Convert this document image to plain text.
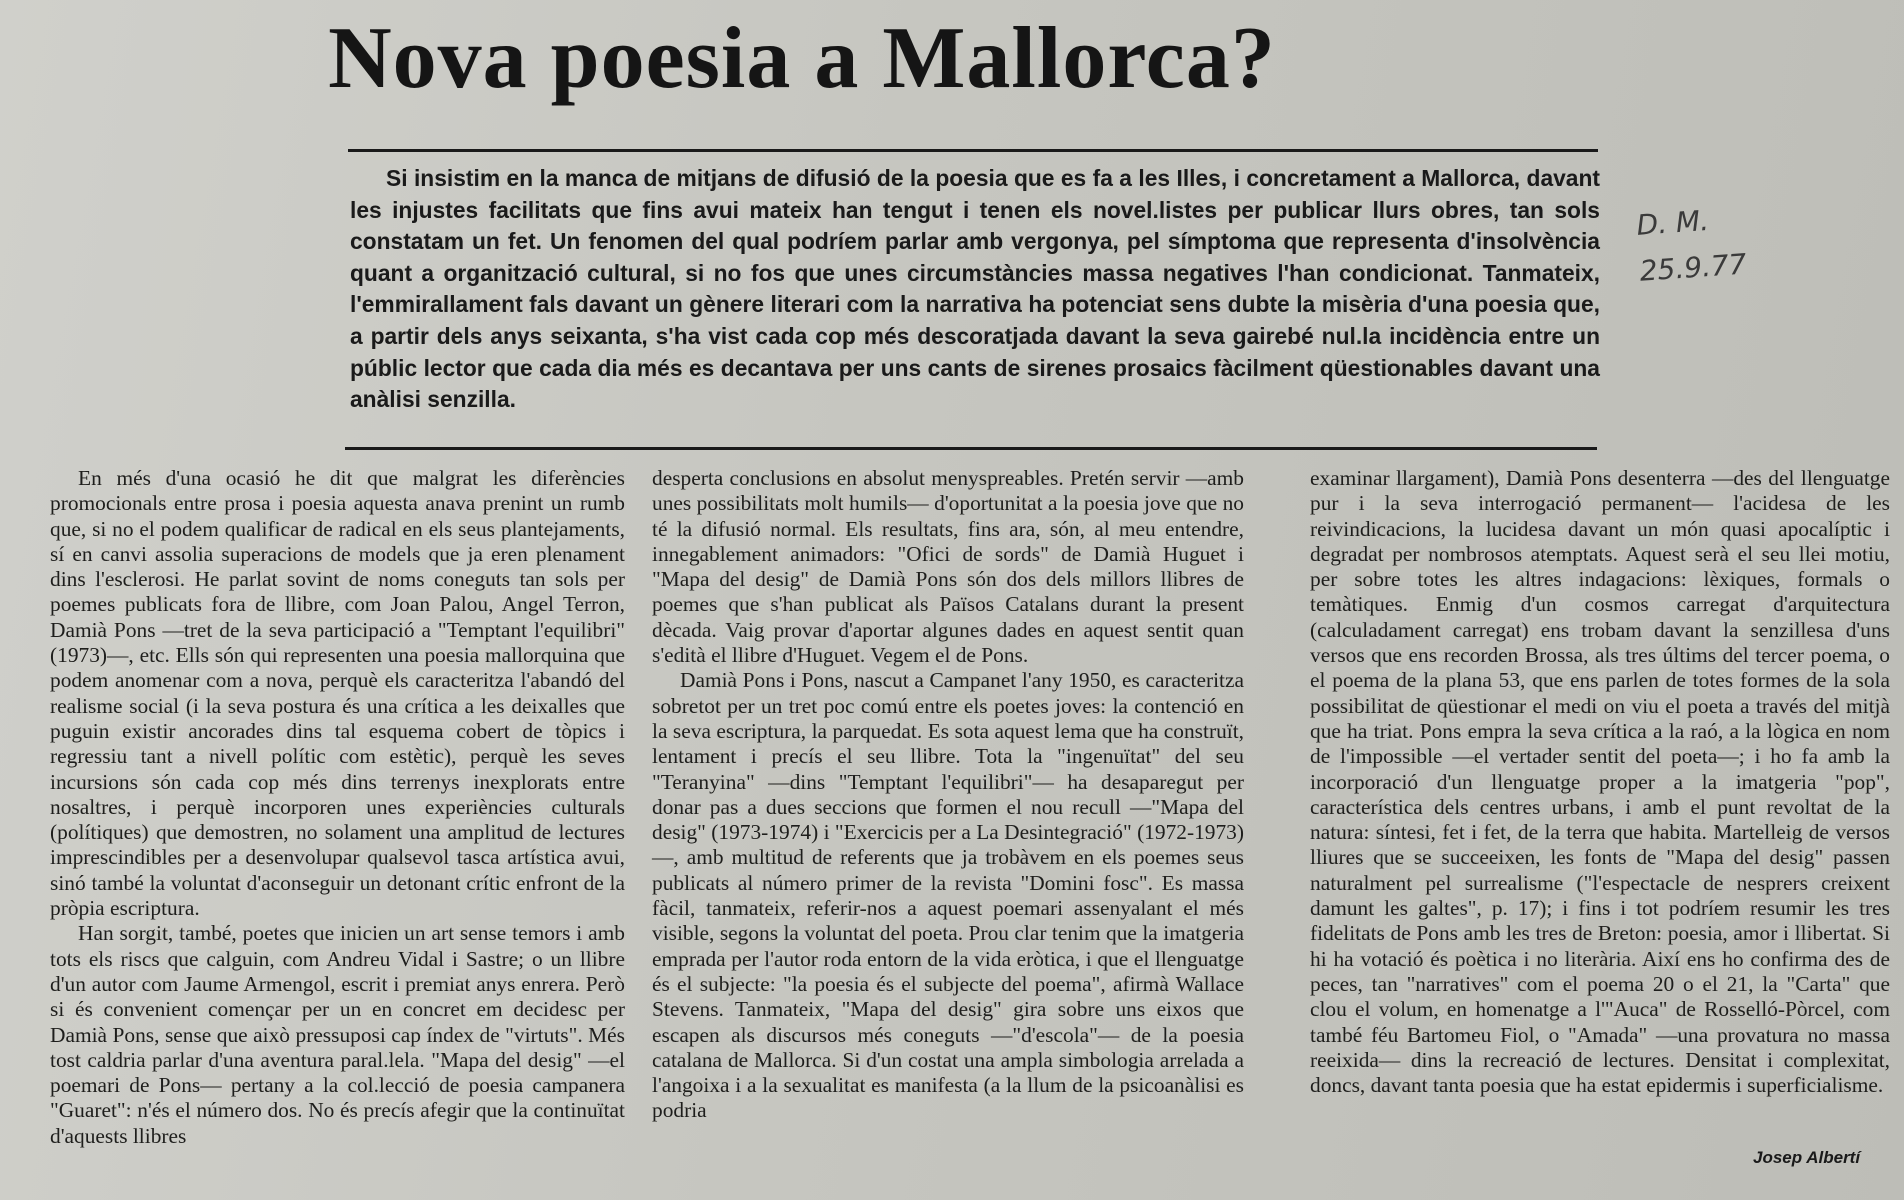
Nova poesia a Mallorca?

Si insistim en la manca de mitjans de difusió de la poesia que es fa a les Illes, i concretament a Mallorca, davant les injustes facilitats que fins avui mateix han tengut i tenen els novel.listes per publicar llurs obres, tan sols constatam un fet. Un fenomen del qual podríem parlar amb vergonya, pel símptoma que representa d'insolvència quant a organització cultural, si no fos que unes circumstàncies massa negatives l'han condicionat. Tanmateix, l'emmirallament fals davant un gènere literari com la narrativa ha potenciat sens dubte la misèria d'una poesia que, a partir dels anys seixanta, s'ha vist cada cop més descoratjada davant la seva gairebé nul.la incidència entre un públic lector que cada dia més es decantava per uns cants de sirenes prosaics fàcilment qüestionables davant una anàlisi senzilla.

D. M. 25.9.77

En més d'una ocasió he dit que malgrat les diferències promocionals entre prosa i poesia aquesta anava prenint un rumb que, si no el podem qualificar de radical en els seus plantejaments, sí en canvi assolia superacions de models que ja eren plenament dins l'esclerosi. He parlat sovint de noms coneguts tan sols per poemes publicats fora de llibre, com Joan Palou, Angel Terron, Damià Pons —tret de la seva participació a "Temptant l'equilibri" (1973)—, etc. Ells són qui representen una poesia mallorquina que podem anomenar com a nova, perquè els caracteritza l'abandó del realisme social (i la seva postura és una crítica a les deixalles que puguin existir ancorades dins tal esquema cobert de tòpics i regressiu tant a nivell polític com estètic), perquè les seves incursions són cada cop més dins terrenys inexplorats entre nosaltres, i perquè incorporen unes experiències culturals (polítiques) que demostren, no solament una amplitud de lectures imprescindibles per a desenvolupar qualsevol tasca artística avui, sinó també la voluntat d'aconseguir un detonant crític enfront de la pròpia escriptura.

Han sorgit, també, poetes que inicien un art sense temors i amb tots els riscs que calguin, com Andreu Vidal i Sastre; o un llibre d'un autor com Jaume Armengol, escrit i premiat anys enrera. Però si és convenient començar per un en concret em decidesc per Damià Pons, sense que això pressuposi cap índex de "virtuts". Més tost caldria parlar d'una aventura paral.lela. "Mapa del desig" —el poemari de Pons— pertany a la col.lecció de poesia campanera "Guaret": n'és el número dos. No és precís afegir que la continuïtat d'aquests llibres

desperta conclusions en absolut menyspreables. Pretén servir —amb unes possibilitats molt humils— d'oportunitat a la poesia jove que no té la difusió normal. Els resultats, fins ara, són, al meu entendre, innegablement animadors: "Ofici de sords" de Damià Huguet i "Mapa del desig" de Damià Pons són dos dels millors llibres de poemes que s'han publicat als Països Catalans durant la present dècada. Vaig provar d'aportar algunes dades en aquest sentit quan s'edità el llibre d'Huguet. Vegem el de Pons.

Damià Pons i Pons, nascut a Campanet l'any 1950, es caracteritza sobretot per un tret poc comú entre els poetes joves: la contenció en la seva escriptura, la parquedat. Es sota aquest lema que ha construït, lentament i precís el seu llibre. Tota la "ingenuïtat" del seu "Teranyina" —dins "Temptant l'equilibri"— ha desaparegut per donar pas a dues seccions que formen el nou recull —"Mapa del desig" (1973-1974) i "Exercicis per a La Desintegració" (1972-1973)—, amb multitud de referents que ja trobàvem en els poemes seus publicats al número primer de la revista "Domini fosc". Es massa fàcil, tanmateix, referir-nos a aquest poemari assenyalant el més visible, segons la voluntat del poeta. Prou clar tenim que la imatgeria emprada per l'autor roda entorn de la vida eròtica, i que el llenguatge és el subjecte: "la poesia és el subjecte del poema", afirmà Wallace Stevens. Tanmateix, "Mapa del desig" gira sobre uns eixos que escapen als discursos més coneguts —"d'escola"— de la poesia catalana de Mallorca. Si d'un costat una ampla simbologia arrelada a l'angoixa i a la sexualitat es manifesta (a la llum de la psicoanàlisi es podria

examinar llargament), Damià Pons desenterra —des del llenguatge pur i la seva interrogació permanent— l'acidesa de les reivindicacions, la lucidesa davant un món quasi apocalíptic i degradat per nombrosos atemptats. Aquest serà el seu llei motiu, per sobre totes les altres indagacions: lèxiques, formals o temàtiques. Enmig d'un cosmos carregat d'arquitectura (calculadament carregat) ens trobam davant la senzillesa d'uns versos que ens recorden Brossa, als tres últims del tercer poema, o el poema de la plana 53, que ens parlen de totes formes de la sola possibilitat de qüestionar el medi on viu el poeta a través del mitjà que ha triat. Pons empra la seva crítica a la raó, a la lògica en nom de l'impossible —el vertader sentit del poeta—; i ho fa amb la incorporació d'un llenguatge proper a la imatgeria "pop", característica dels centres urbans, i amb el punt revoltat de la natura: síntesi, fet i fet, de la terra que habita. Martelleig de versos lliures que se succeeixen, les fonts de "Mapa del desig" passen naturalment pel surrealisme ("l'espectacle de nesprers creixent damunt les galtes", p. 17); i fins i tot podríem resumir les tres fidelitats de Pons amb les tres de Breton: poesia, amor i llibertat. Si hi ha votació és poètica i no literària. Així ens ho confirma des de peces, tan "narratives" com el poema 20 o el 21, la "Carta" que clou el volum, en homenatge a l'"Auca" de Rosselló-Pòrcel, com també féu Bartomeu Fiol, o "Amada" —una provatura no massa reeixida— dins la recreació de lectures. Densitat i complexitat, doncs, davant tanta poesia que ha estat epidermis i superficialisme.

Josep Albertí
